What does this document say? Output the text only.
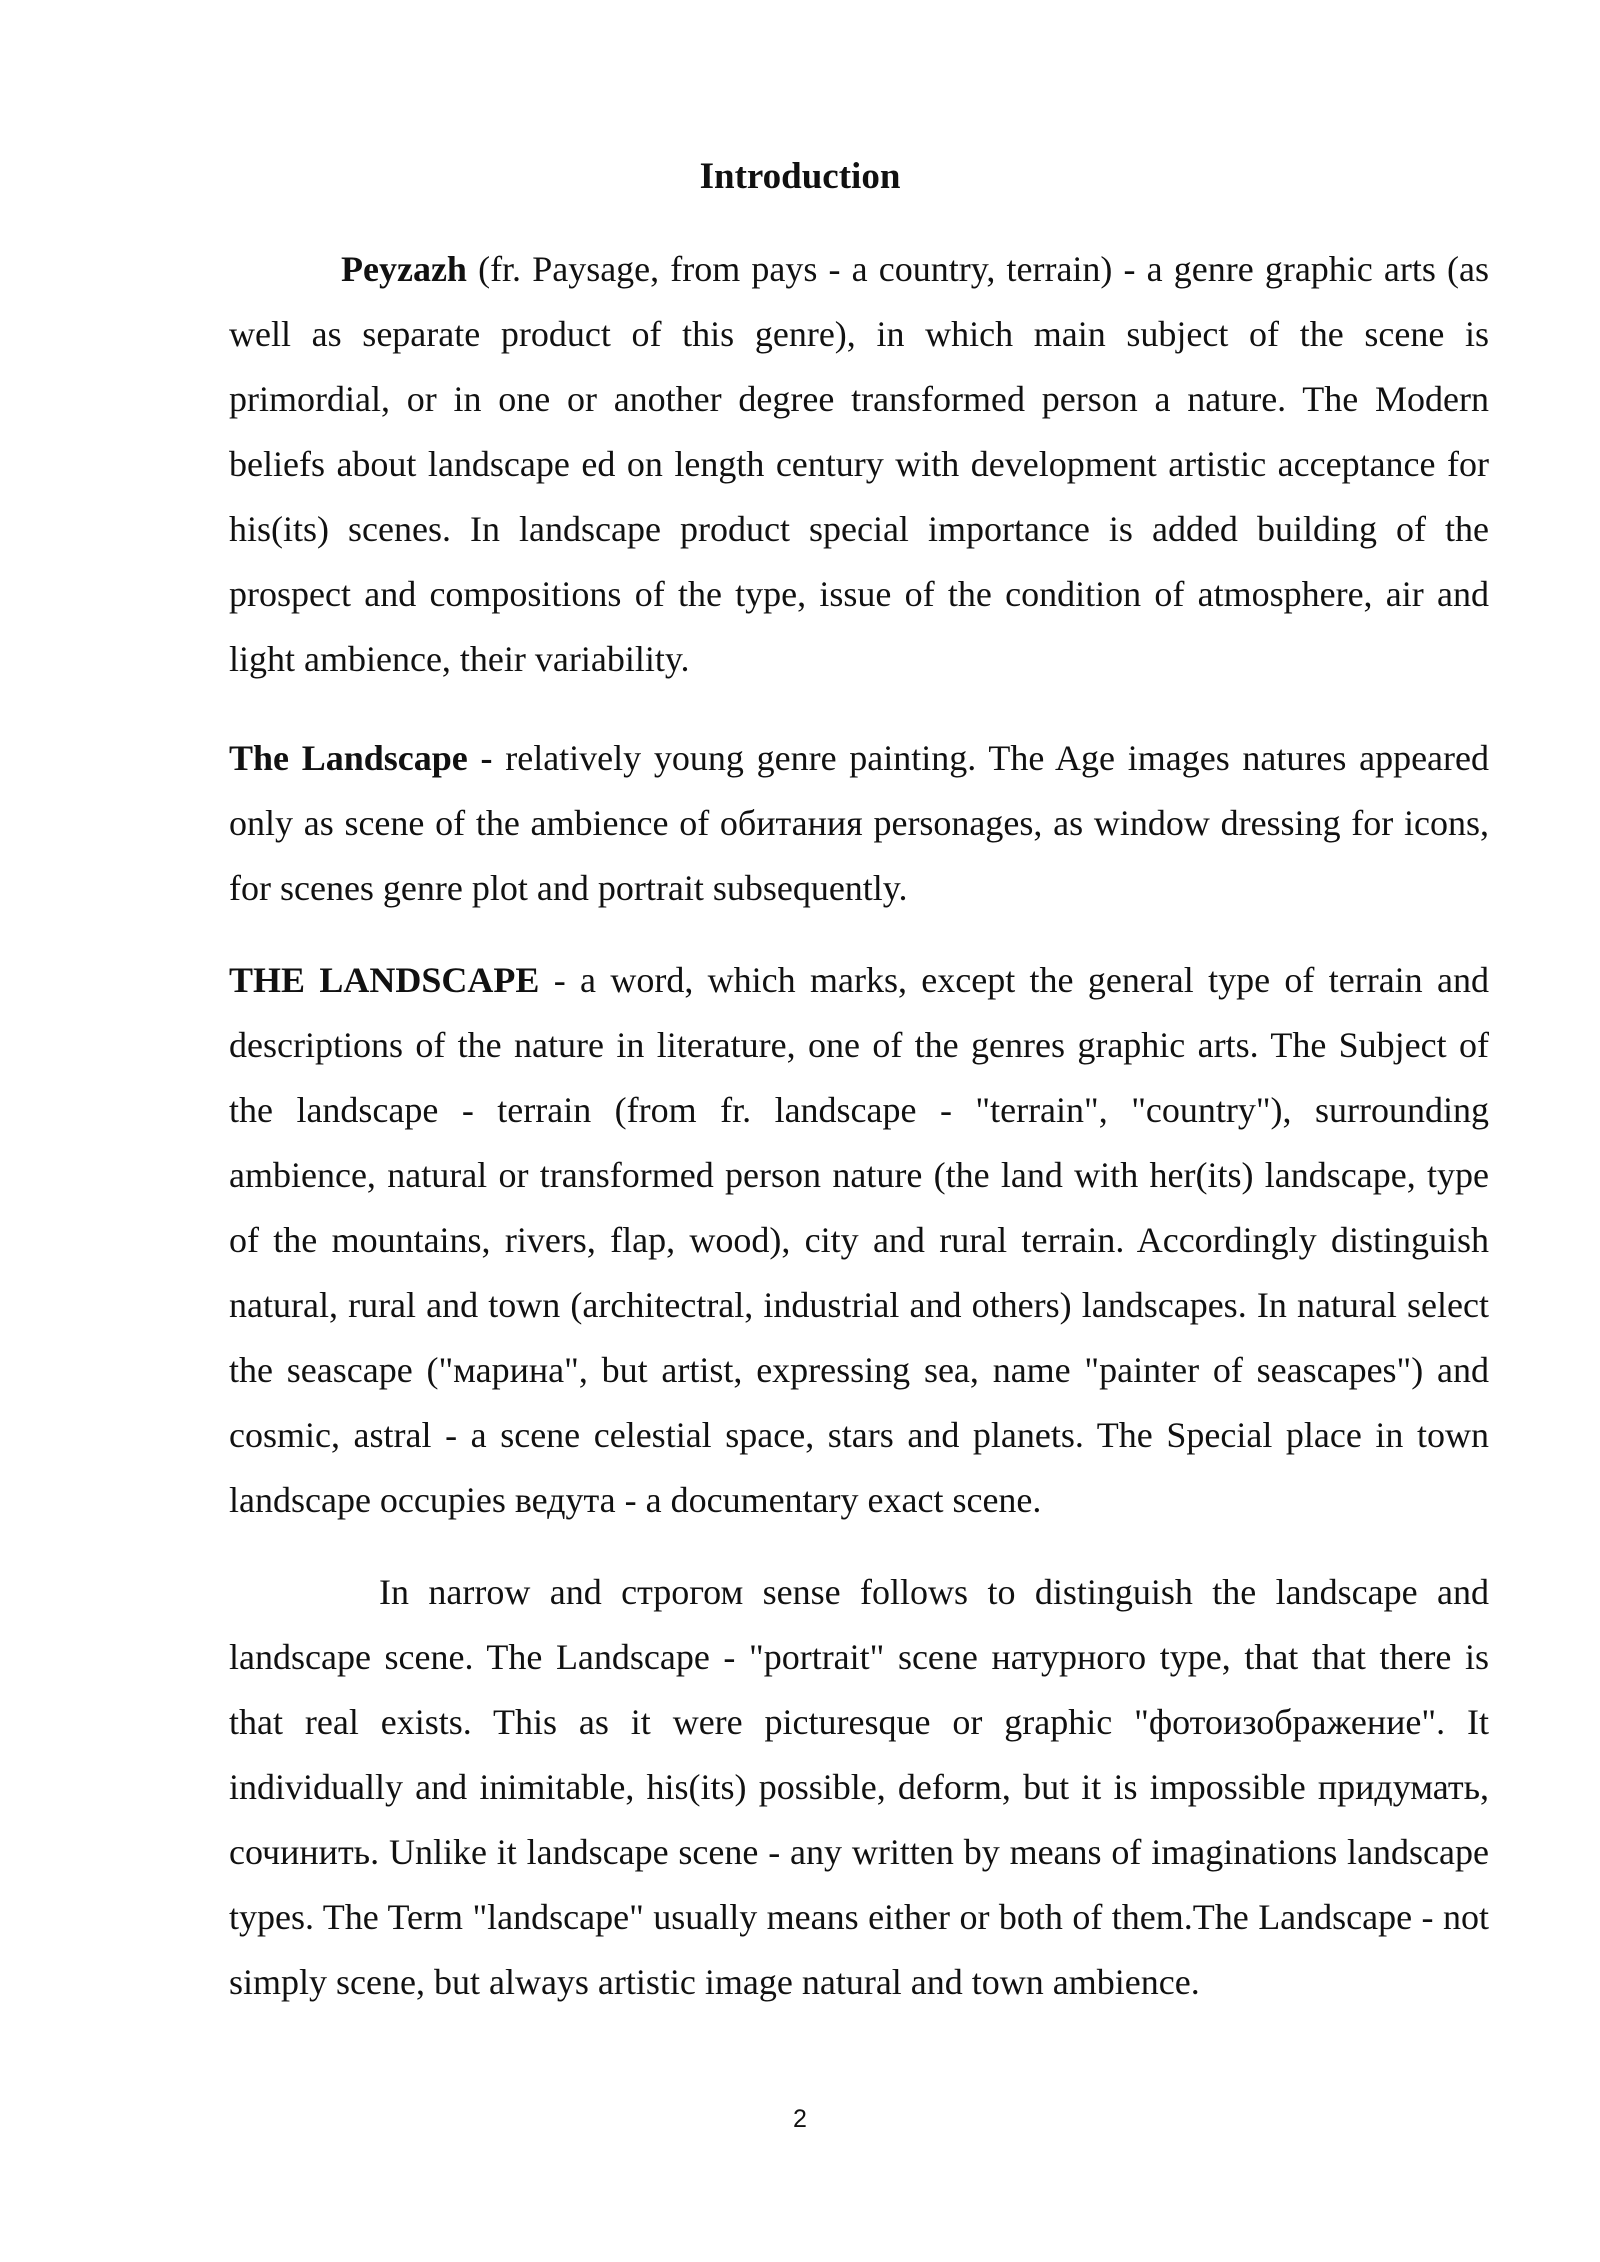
Introduction

Peyzazh (fr. Paysage, from pays - a country, terrain) - a genre graphic arts (as well as separate product of this genre), in which main subject of the scene is primordial, or in one or another degree transformed person a nature. The Modern beliefs about landscape ed on length century with development artistic acceptance for his(its) scenes. In landscape product special importance is added building of the prospect and compositions of the type, issue of the condition of atmosphere, air and light ambience, their variability.

The Landscape - relatively young genre painting. The Age images natures appeared only as scene of the ambience of обитания personages, as window dressing for icons, for scenes genre plot and portrait subsequently.

THE LANDSCAPE - a word, which marks, except the general type of terrain and descriptions of the nature in literature, one of the genres graphic arts. The Subject of the landscape - terrain (from fr. landscape - "terrain", "country"), surrounding ambience, natural or transformed person nature (the land with her(its) landscape, type of the mountains, rivers, flap, wood), city and rural terrain. Accordingly distinguish natural, rural and town (architectral, industrial and others) landscapes. In natural select the seascape ("марина", but artist, expressing sea, name "painter of seascapes") and cosmic, astral - a scene celestial space, stars and planets. The Special place in town landscape occupies ведута - a documentary exact scene.

In narrow and строгом sense follows to distinguish the landscape and landscape scene. The Landscape - "portrait" scene натурного type, that that there is that real exists. This as it were picturesque or graphic "фотоизображение". It individually and inimitable, his(its) possible, deform, but it is impossible придумать, сочинить. Unlike it landscape scene - any written by means of imaginations landscape types. The Term "landscape" usually means either or both of them.The Landscape - not simply scene, but always artistic image natural and town ambience.

2
